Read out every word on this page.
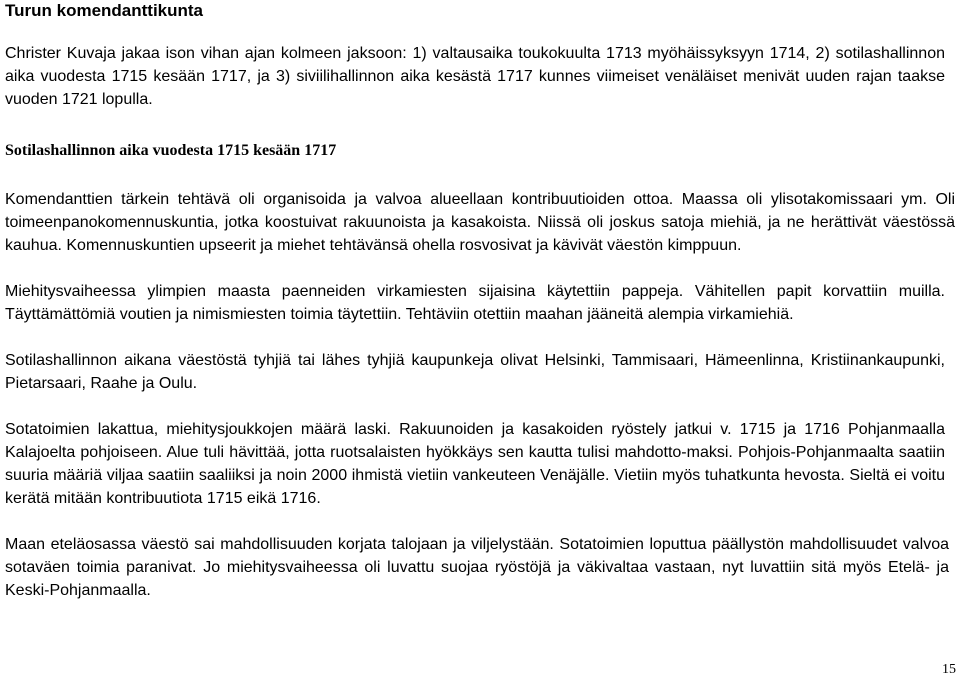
Turun komendanttikunta

Christer Kuvaja jakaa ison vihan ajan kolmeen jaksoon: 1) valtausaika toukokuulta 1713 myöhäissyksyyn 1714, 2) sotilashallinnon aika vuodesta 1715 kesään 1717, ja 3) siviilihallinnon aika kesästä 1717 kunnes viimeiset venäläiset menivät uuden rajan taakse vuoden 1721 lopulla.

Sotilashallinnon aika vuodesta 1715 kesään 1717

Komendanttien tärkein tehtävä oli organisoida ja valvoa alueellaan kontribuutioiden ottoa. Maassa oli ylisotakomissaari ym. Oli toimeenpanokomennuskuntia, jotka koostuivat rakuunoista ja kasakoista. Niissä oli joskus satoja miehiä, ja ne herättivät väestössä kauhua. Komennuskuntien upseerit ja miehet tehtävänsä ohella rosvosivat ja kävivät väestön kimppuun.

Miehitysvaiheessa ylimpien maasta paenneiden virkamiesten sijaisina käytettiin pappeja. Vähitellen papit korvattiin muilla. Täyttämättömiä voutien ja nimismiesten toimia täytettiin. Tehtäviin otettiin maahan jääneitä alempia virkamiehiä.

Sotilashallinnon aikana väestöstä tyhjiä tai lähes tyhjiä kaupunkeja olivat Helsinki, Tammisaari, Hämeenlinna, Kristiinankaupunki, Pietarsaari, Raahe ja Oulu.

Sotatoimien lakattua, miehitysjoukkojen määrä laski. Rakuunoiden ja kasakoiden ryöstely jatkui v. 1715 ja 1716 Pohjanmaalla Kalajoelta pohjoiseen. Alue tuli hävittää, jotta ruotsalaisten hyökkäys sen kautta tulisi mahdotto-maksi. Pohjois-Pohjanmaalta saatiin suuria määriä viljaa saatiin saaliiksi ja noin 2000 ihmistä vietiin vankeuteen Venäjälle. Vietiin myös tuhatkunta hevosta. Sieltä ei voitu kerätä mitään kontribuutiota 1715 eikä 1716.

Maan eteläosassa väestö sai mahdollisuuden korjata talojaan ja viljelystään. Sotatoimien loputtua päällystön mahdollisuudet valvoa sotaväen toimia paranivat. Jo miehitysvaiheessa oli luvattu suojaa ryöstöjä ja väkivaltaa vastaan, nyt luvattiin sitä myös Etelä- ja Keski-Pohjanmaalla.

15
